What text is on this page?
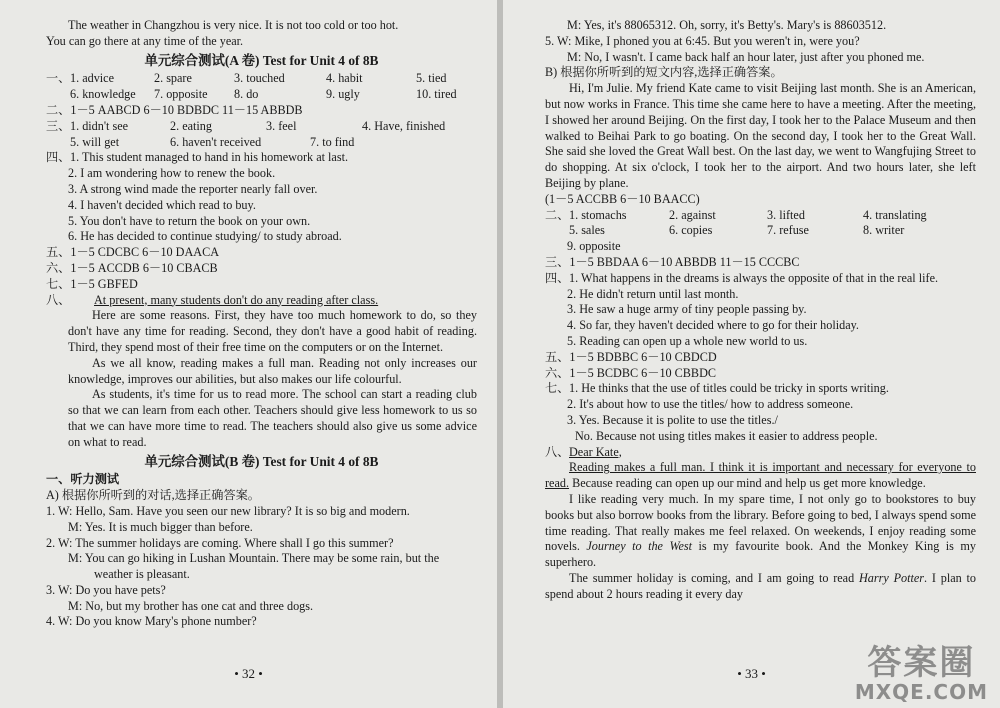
The weather in Changzhou is very nice. It is not too cold or too hot.
You can go there at any time of the year.
单元综合测试(A 卷) Test for Unit 4 of 8B
一、 1. advice	2. spare	3. touched	4. habit	5. tied
6. knowledge	7. opposite	8. do	9. ugly	10. tired
二、1－5 AABCD 6－10 BDBDC 11－15 ABBDB
三、 1. didn't see	2. eating	3. feel	4. Have, finished
5. will get	6. haven't received	7. to find
四、 1. This student managed to hand in his homework at last.
2. I am wondering how to renew the book.
3. A strong wind made the reporter nearly fall over.
4. I haven't decided which read to buy.
5. You don't have to return the book on your own.
6. He has decided to continue studying/ to study abroad.
五、1－5 CDCBC 6－10 DAACA
六、1－5 ACCDB 6－10 CBACB
七、1－5 GBFED
八、	At present, many students don't do any reading after class.
Here are some reasons. First, they have too much homework to do, so they don't have any time for reading. Second, they don't have a good habit of reading. Third, they spend most of their free time on the computers or on the Internet.
As we all know, reading makes a full man. Reading not only increases our knowledge, improves our abilities, but also makes our life colourful.
As students, it's time for us to read more. The school can start a reading club so that we can learn from each other. Teachers should give less homework to us so that we can have more time to read. The teachers should also give us some advice on what to read.
单元综合测试(B 卷) Test for Unit 4 of 8B
一、听力测试
A) 根据你所听到的对话,选择正确答案。
1. W: Hello, Sam. Have you seen our new library? It is so big and modern.
M: Yes. It is much bigger than before.
2. W: The summer holidays are coming. Where shall I go this summer?
M: You can go hiking in Lushan Mountain. There may be some rain, but the
weather is pleasant.
3. W: Do you have pets?
M: No, but my brother has one cat and three dogs.
4. W: Do you know Mary's phone number?
• 32 •
M: Yes, it's 88065312. Oh, sorry, it's Betty's. Mary's is 88603512.
5. W: Mike, I phoned you at 6:45. But you weren't in, were you?
M: No, I wasn't. I came back half an hour later, just after you phoned me.
B) 根据你所听到的短文内容,选择正确答案。
Hi, I'm Julie. My friend Kate came to visit Beijing last month. She is an American, but now works in France. This time she came here to have a meeting. After the meeting, I showed her around Beijing. On the first day, I took her to the Palace Museum and then walked to Beihai Park to go boating. On the second day, I took her to the Great Wall. She said she loved the Great Wall best. On the last day, we went to Wangfujing Street to do shopping. At six o'clock, I took her to the airport. And two hours later, she left Beijing by plane.
(1－5 ACCBB 6－10 BAACC)
二、 1. stomachs	2. against	3. lifted	4. translating
5. sales	6. copies	7. refuse	8. writer
9. opposite
三、1－5 BBDAA 6－10 ABBDB 11－15 CCCBC
四、 1. What happens in the dreams is always the opposite of that in the real life.
2. He didn't return until last month.
3. He saw a huge army of tiny people passing by.
4. So far, they haven't decided where to go for their holiday.
5. Reading can open up a whole new world to us.
五、1－5 BDBBC 6－10 CBDCD
六、1－5 BCDBC 6－10 CBBDC
七、 1. He thinks that the use of titles could be tricky in sports writing.
2. It's about how to use the titles/ how to address someone.
3. Yes. Because it is polite to use the titles./
No. Because not using titles makes it easier to address people.
八、 Dear Kate,
Reading makes a full man. I think it is important and necessary for everyone to read. Because reading can open up our mind and help us get more knowledge.
I like reading very much. In my spare time, I not only go to bookstores to buy books but also borrow books from the library. Before going to bed, I always spend some time reading. That really makes me feel relaxed. On weekends, I enjoy reading some novels. Journey to the West is my favourite book. And the Monkey King is my superhero.
The summer holiday is coming, and I am going to read Harry Potter. I plan to spend about 2 hours reading it every day
• 33 •	答案圈
MXQE.COM
